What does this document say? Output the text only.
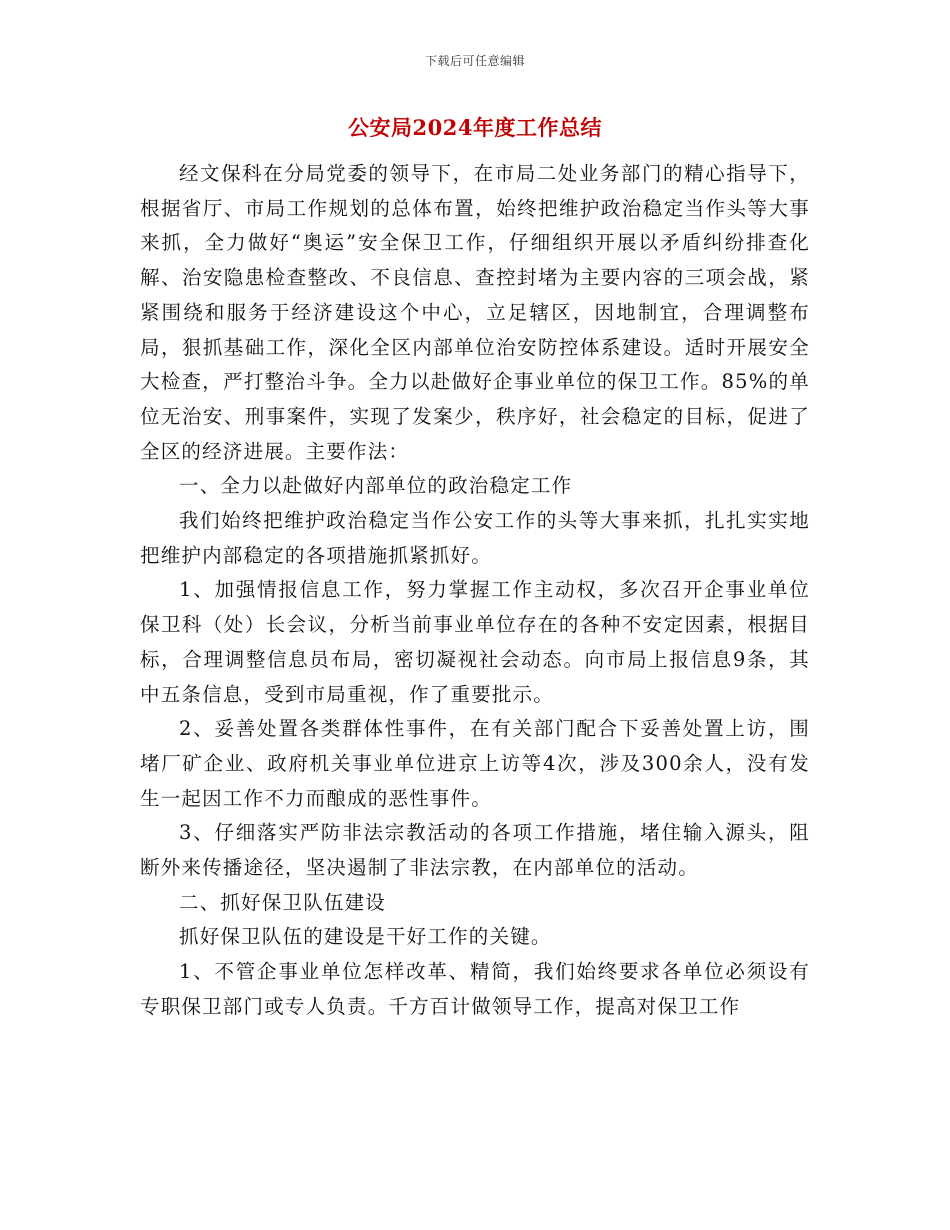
下载后可任意编辑
公安局2024年度工作总结

经文保科在分局党委的领导下，在市局二处业务部门的精心指导下，根据省厅、市局工作规划的总体布置，始终把维护政治稳定当作头等大事来抓，全力做好“奥运”安全保卫工作，仔细组织开展以矛盾纠纷排查化解、治安隐患检查整改、不良信息、查控封堵为主要内容的三项会战，紧紧围绕和服务于经济建设这个中心，立足辖区，因地制宜，合理调整布局，狠抓基础工作，深化全区内部单位治安防控体系建设。适时开展安全大检查，严打整治斗争。全力以赴做好企事业单位的保卫工作。85%的单位无治安、刑事案件，实现了发案少，秩序好，社会稳定的目标，促进了全区的经济进展。主要作法：

一、全力以赴做好内部单位的政治稳定工作

我们始终把维护政治稳定当作公安工作的头等大事来抓，扎扎实实地把维护内部稳定的各项措施抓紧抓好。

1、加强情报信息工作，努力掌握工作主动权，多次召开企事业单位保卫科（处）长会议，分析当前事业单位存在的各种不安定因素，根据目标，合理调整信息员布局，密切凝视社会动态。向市局上报信息9条，其中五条信息，受到市局重视，作了重要批示。

2、妥善处置各类群体性事件，在有关部门配合下妥善处置上访，围堵厂矿企业、政府机关事业单位进京上访等4次，涉及300余人，没有发生一起因工作不力而酿成的恶性事件。

3、仔细落实严防非法宗教活动的各项工作措施，堵住输入源头，阻断外来传播途径，坚决遏制了非法宗教，在内部单位的活动。

二、抓好保卫队伍建设

抓好保卫队伍的建设是干好工作的关键。

1、不管企事业单位怎样改革、精简，我们始终要求各单位必须设有专职保卫部门或专人负责。千方百计做领导工作，提高对保卫工作
